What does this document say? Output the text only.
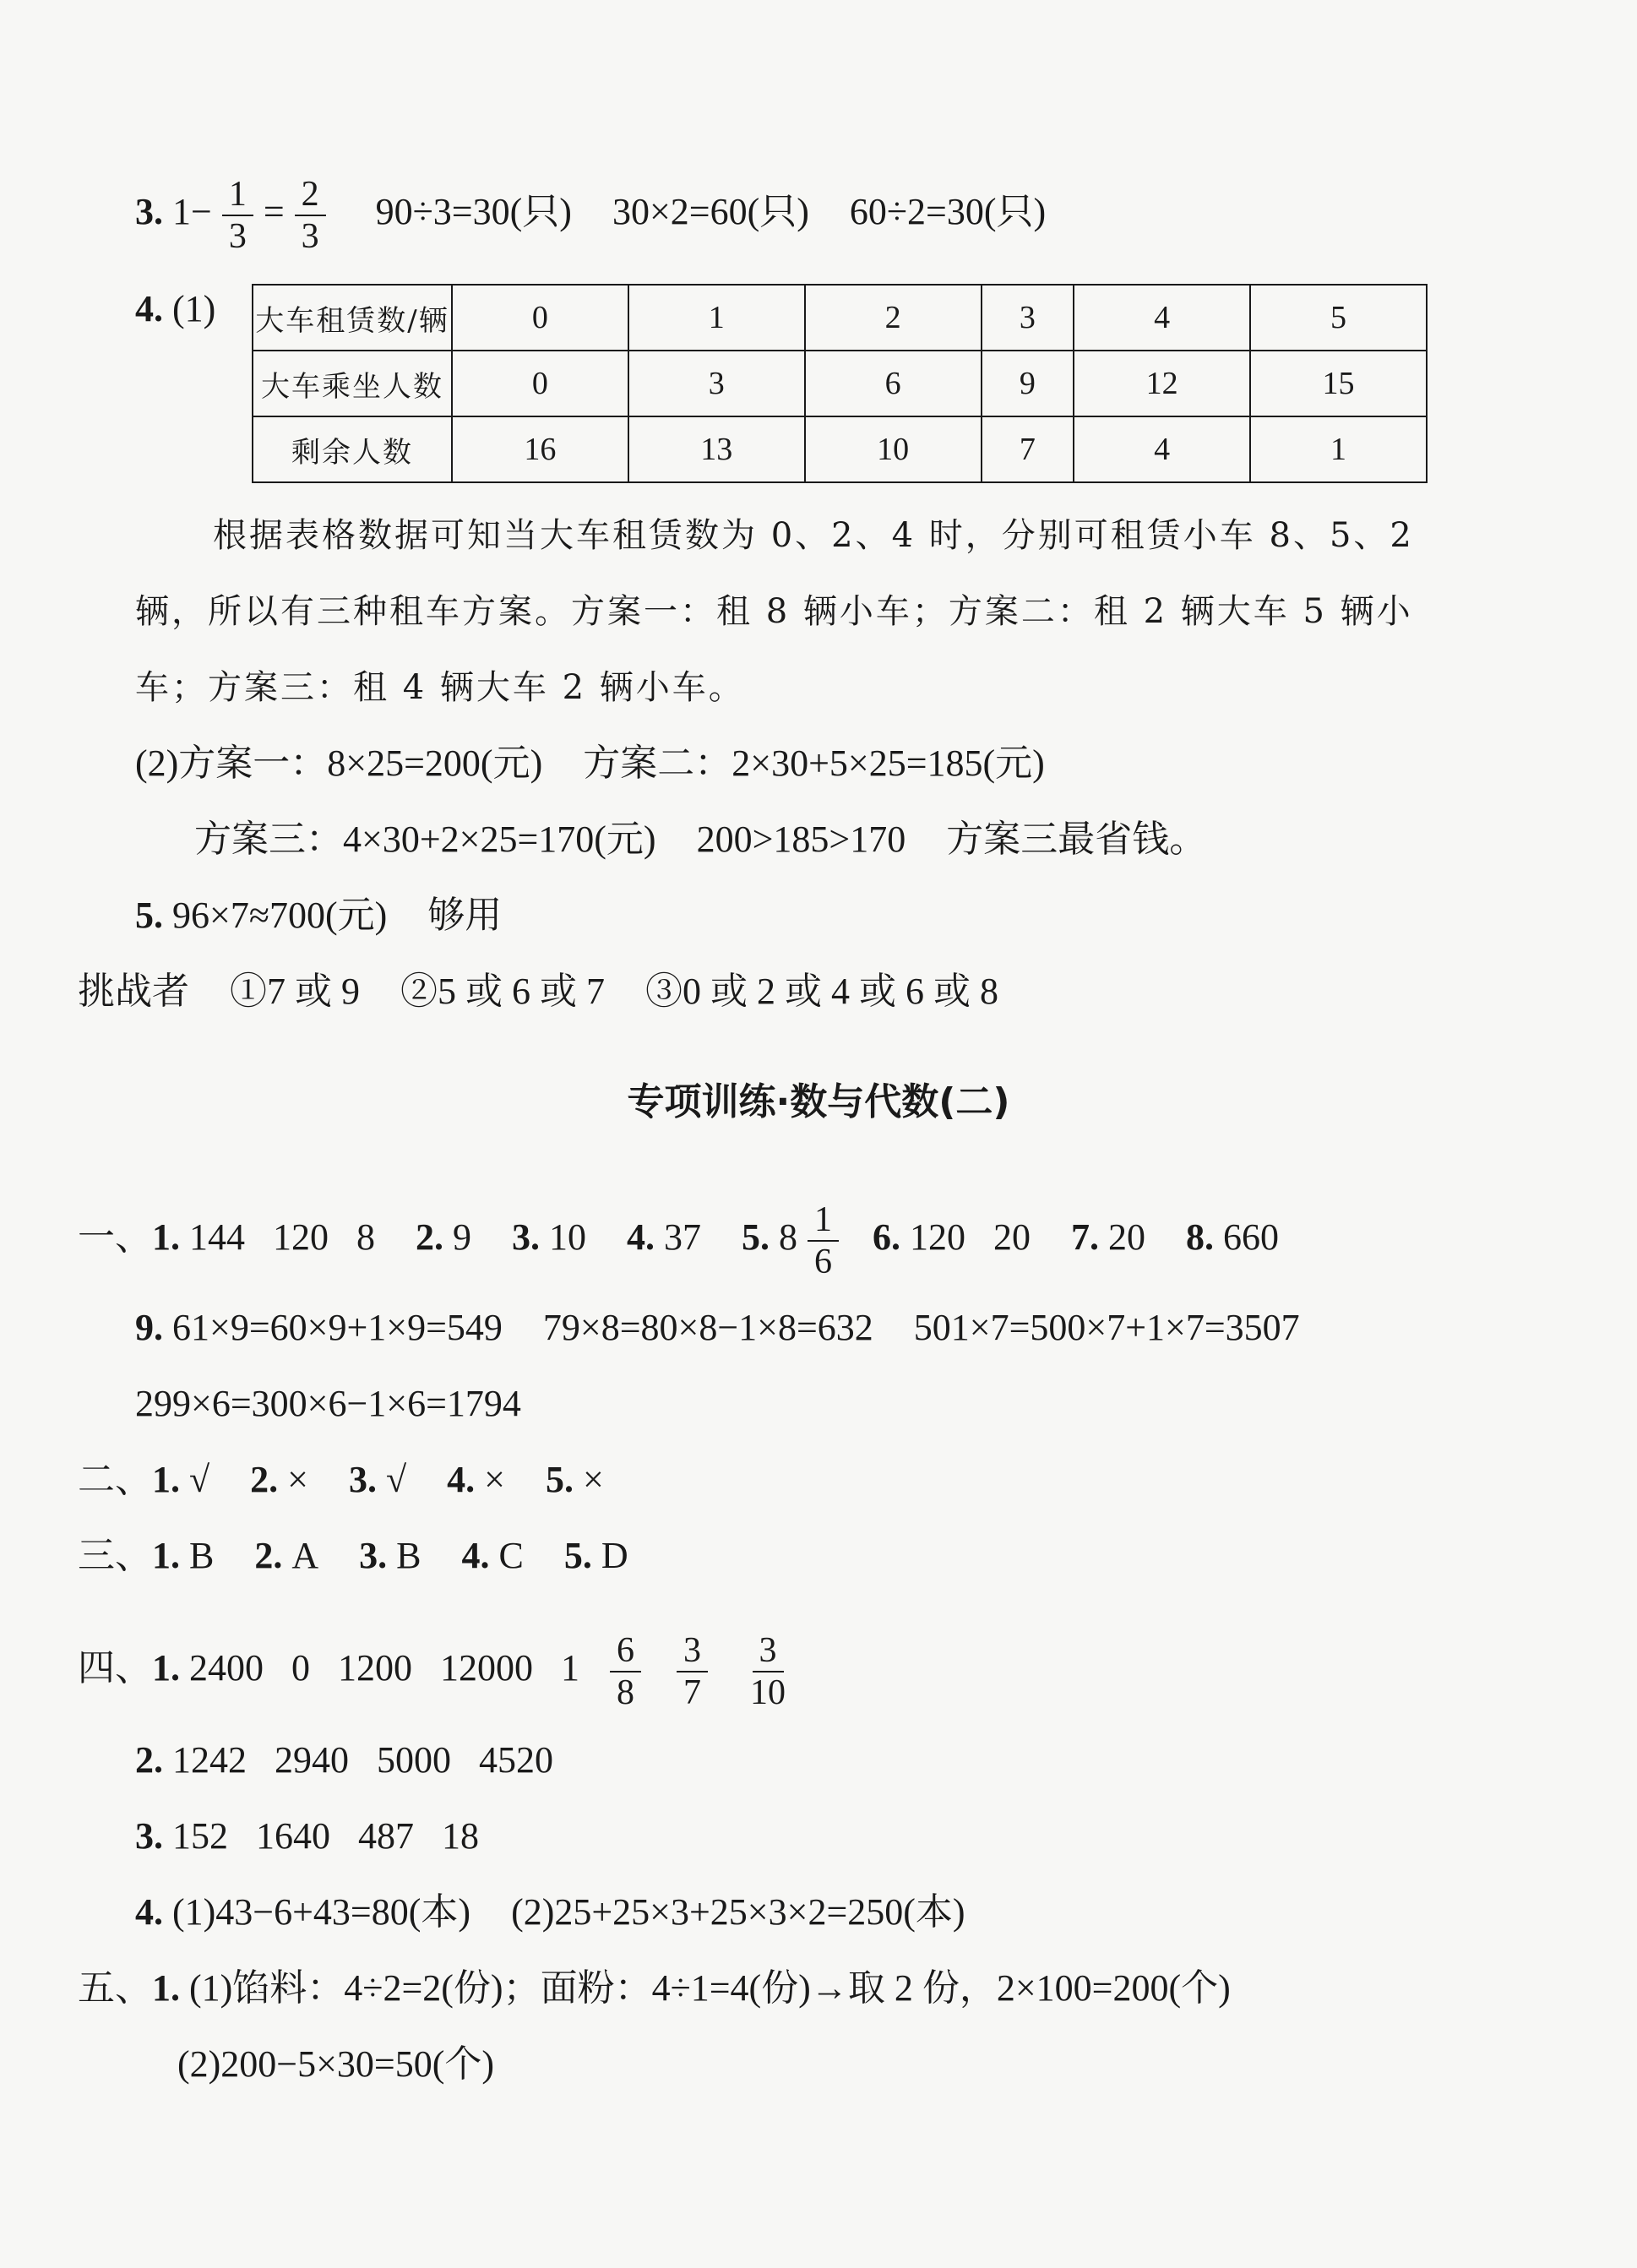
3. $1- \frac{1}{3} = \frac{2}{3} 90\div 3=30$(只) 30×2=60(只) 60÷2=30(只)
4. (1) 大车租赁数/辆	0	1	2	3	4	5
大车乘坐人数	0	3	6	9	12	15
剩余人数	16	13	10	7	4	1
根据表格数据可知当大车租赁数为 0、2、4 时，分别可租赁小车 8、5、2
辆，所以有三种租车方案。方案一：租 8 辆小车；方案二：租 2 辆大车 5 辆小
车；方案三：租 4 辆大车 2 辆小车。
(2)方案一：8×25=200(元) 方案二：2×30+5×25=185(元)
方案三：4×30+2×25=170(元) 200>185>170 方案三最省钱。
5. 96×7≈700(元) 够用
挑战者 ①7 或 9 ②5 或 6 或 7 ③0 或 2 或 4 或 6 或 8
专项训练·数与代数(二)
一、1. 144   120   8 2. 9 3. 10 4. 37 5. $8 \frac{1}{6} 6$. 120   20 7. 20 8. 660
9. 61×9=60×9+1×9=549 79×8=80×8−1×8=632 501×7=500×7+1×7=3507
299×6=300×6−1×6=1794
二、1. √ 2. × 3. √ 4. × 5. ×
三、1. B 2. A 3. B 4. C 5. D
四、1. 2400   0   1200   12000   $1 \frac{6}{8} \frac{3}{7} \frac{3}{10}$
2. 1242   2940   5000   4520
3. 152   1640   487   18
4. (1)43−6+43=80(本) (2)25+25×3+25×3×2=250(本)
五、1. (1)馅料：4÷2=2(份)；面粉：4÷1=4(份)→取 2 份，2×100=200(个)
(2)200−5×30=50(个)
